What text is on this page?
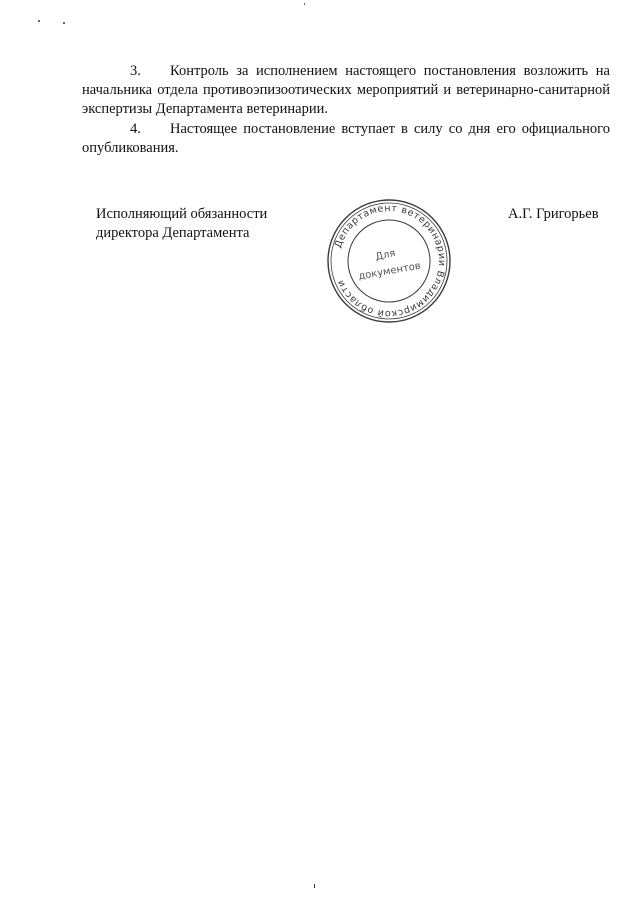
3. Контроль за исполнением настоящего постановления возложить на начальника отдела противоэпизоотических мероприятий и ветеринарно-санитарной экспертизы Департамента ветеринарии.

4. Настоящее постановление вступает в силу со дня его официального опубликования.

Исполняющий обязанности
директора Департамента
А.Г. Григорьев
Департамент ветеринарии Владимирской области
Для
документов
